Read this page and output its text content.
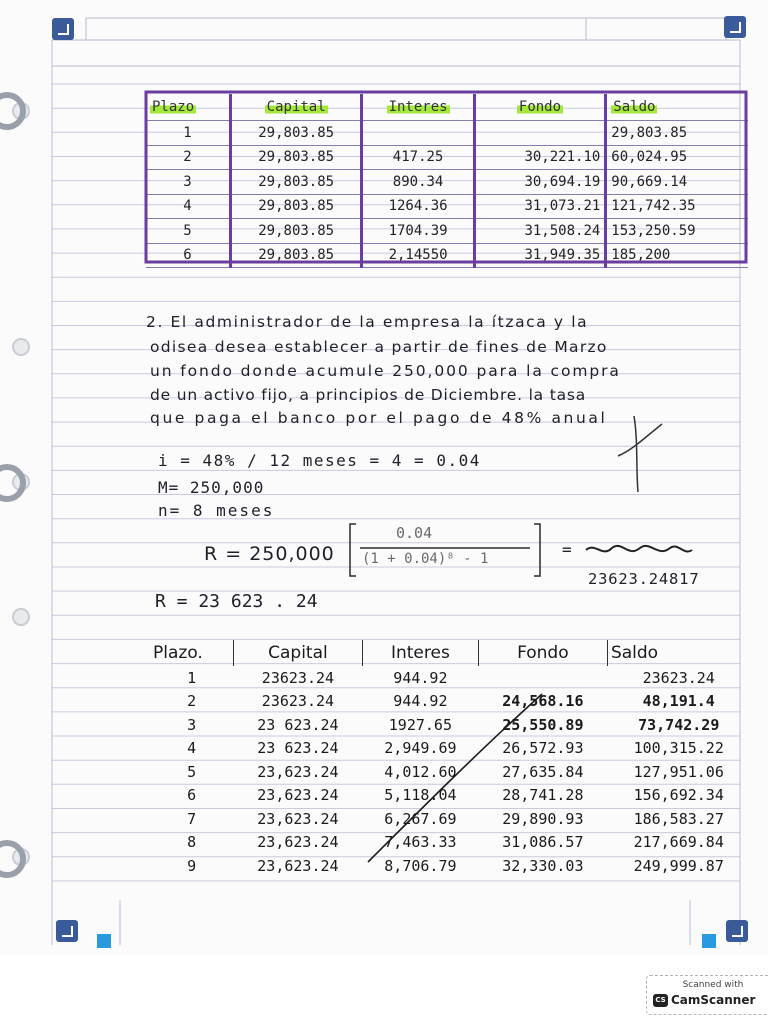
Plazo	Capital	Interes	Fondo	Saldo
1	29,803.85			29,803.85
2	29,803.85	417.25	30,221.10	60,024.95
3	29,803.85	890.34	30,694.19	90,669.14
4	29,803.85	1264.36	31,073.21	121,742.35
5	29,803.85	1704.39	31,508.24	153,250.59
6	29,803.85	2,14550	31,949.35	185,200
2. El administrador de la empresa la ítzaca y la
odisea desea establecer a partir de fines de Marzo
un fondo donde acumule 250,000 para la compra
de un activo fijo, a principios de Diciembre. la tasa
que paga el banco por el pago de 48% anual
i = 48% / 12 meses = 4 = 0.04
M= 250,000
n= 8 meses
R = 250,000
0.04
(1 + 0.04)⁸ - 1	=
23623.24817
R = 23 623 . 24
Plazo.	Capital	Interes	Fondo	Saldo
1	23623.24	944.92		23623.24
2	23623.24	944.92	24,568.16	48,191.4
3	23 623.24	1927.65	25,550.89	73,742.29
4	23 623.24	2,949.69	26,572.93	100,315.22
5	23,623.24	4,012.60	27,635.84	127,951.06
6	23,623.24	5,118.04	28,741.28	156,692.34
7	23,623.24	6,267.69	29,890.93	186,583.27
8	23,623.24	7,463.33	31,086.57	217,669.84
9	23,623.24	8,706.79	32,330.03	249,999.87
Scanned with
CS CamScanner
